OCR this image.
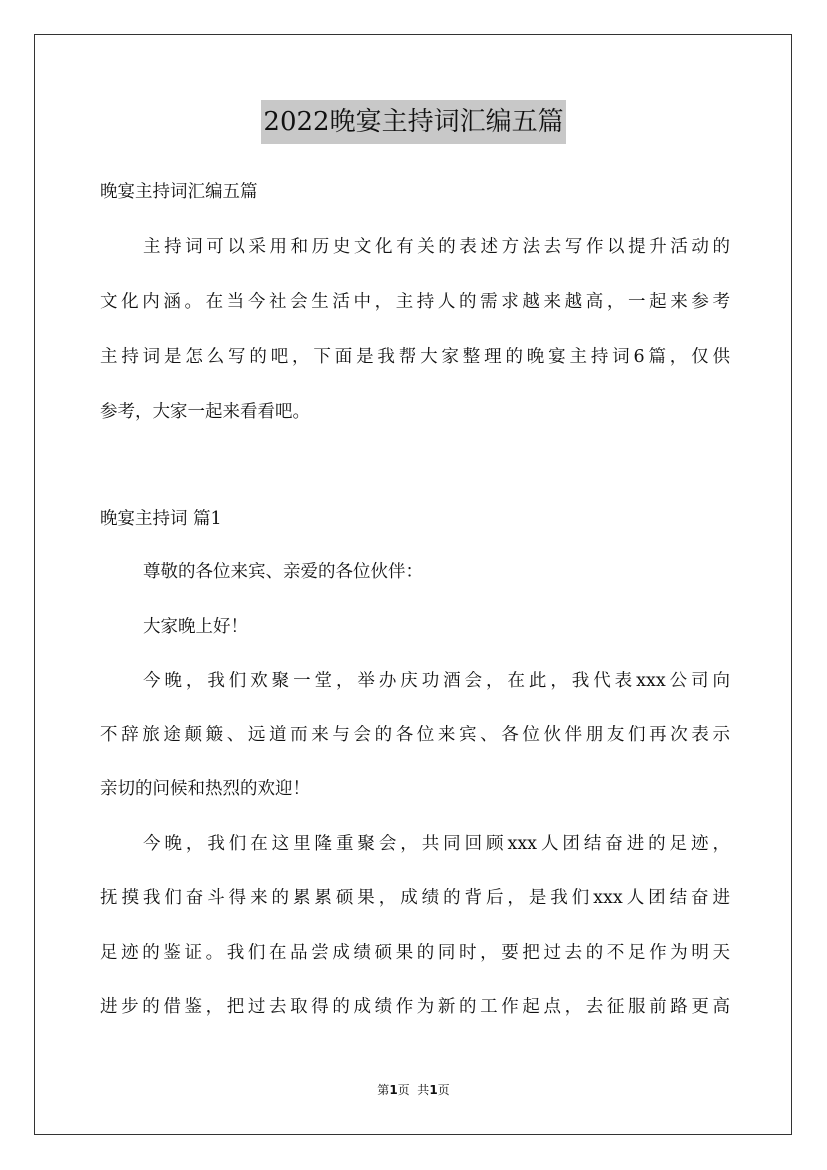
2022晚宴主持词汇编五篇
晚宴主持词汇编五篇
主持词可以采用和历史文化有关的表述方法去写作以提升活动的
文化内涵。在当今社会生活中，主持人的需求越来越高，一起来参考
主持词是怎么写的吧，下面是我帮大家整理的晚宴主持词6篇，仅供
参考，大家一起来看看吧。
晚宴主持词 篇1
尊敬的各位来宾、亲爱的各位伙伴：
大家晚上好！
今晚，我们欢聚一堂，举办庆功酒会，在此，我代表xxx公司向
不辞旅途颠簸、远道而来与会的各位来宾、各位伙伴朋友们再次表示
亲切的问候和热烈的欢迎！
今晚，我们在这里隆重聚会，共同回顾xxx人团结奋进的足迹，
抚摸我们奋斗得来的累累硕果，成绩的背后，是我们xxx人团结奋进
足迹的鉴证。我们在品尝成绩硕果的同时，要把过去的不足作为明天
进步的借鉴，把过去取得的成绩作为新的工作起点，去征服前路更高
第1页  共1页
